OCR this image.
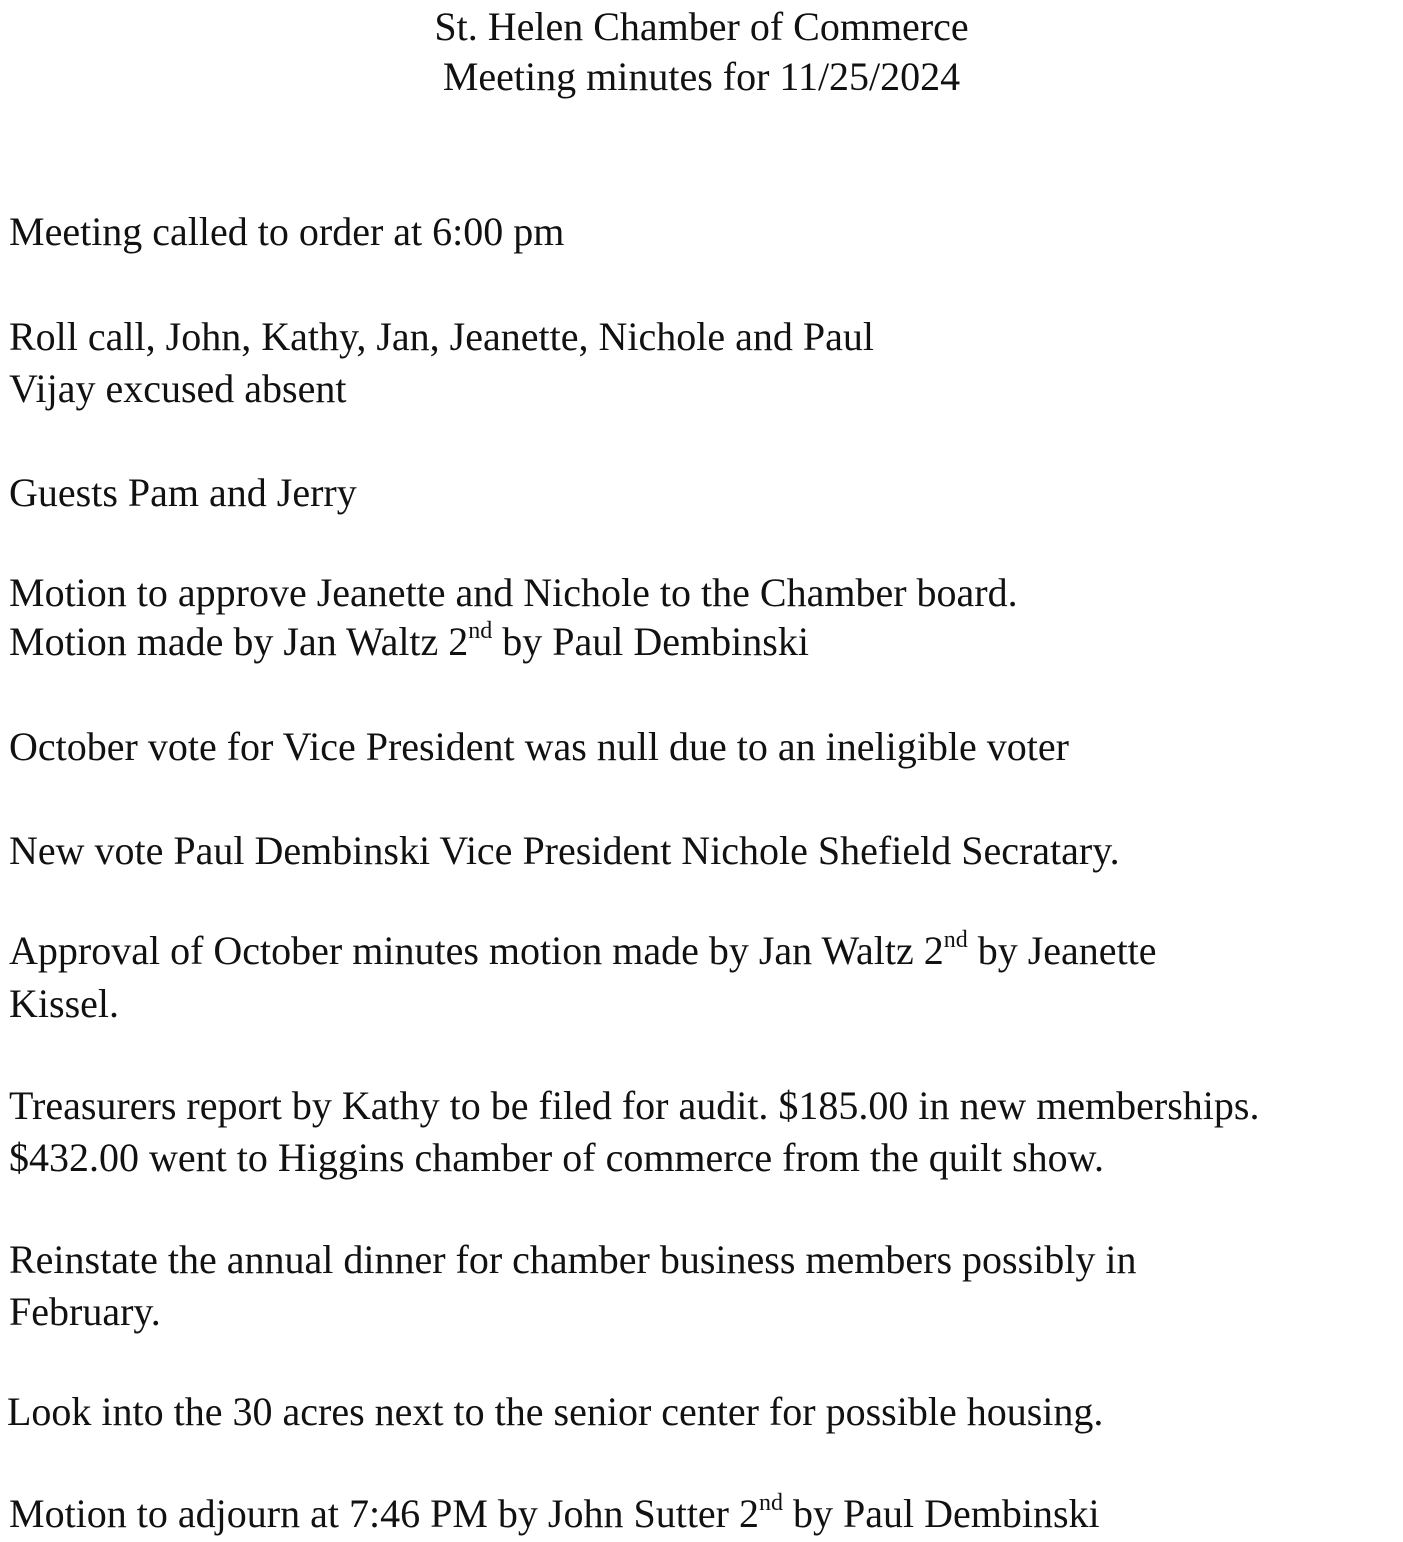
St. Helen Chamber of Commerce
Meeting minutes for 11/25/2024
Meeting called to order at 6:00 pm
Roll call, John, Kathy, Jan, Jeanette, Nichole and Paul
Vijay excused absent
Guests Pam and Jerry
Motion to approve Jeanette and Nichole to the Chamber board.
Motion made by Jan Waltz 2nd by Paul Dembinski
October vote for Vice President was null due to an ineligible voter
New vote Paul Dembinski Vice President Nichole Shefield Secratary.
Approval of October minutes motion made by Jan Waltz 2nd by Jeanette
Kissel.
Treasurers report by Kathy to be filed for audit. $185.00 in new memberships.
$432.00 went to Higgins chamber of commerce from the quilt show.
Reinstate the annual dinner for chamber business members possibly in
February.
Look into the 30 acres next to the senior center for possible housing.
Motion to adjourn at 7:46 PM by John Sutter 2nd by Paul Dembinski
